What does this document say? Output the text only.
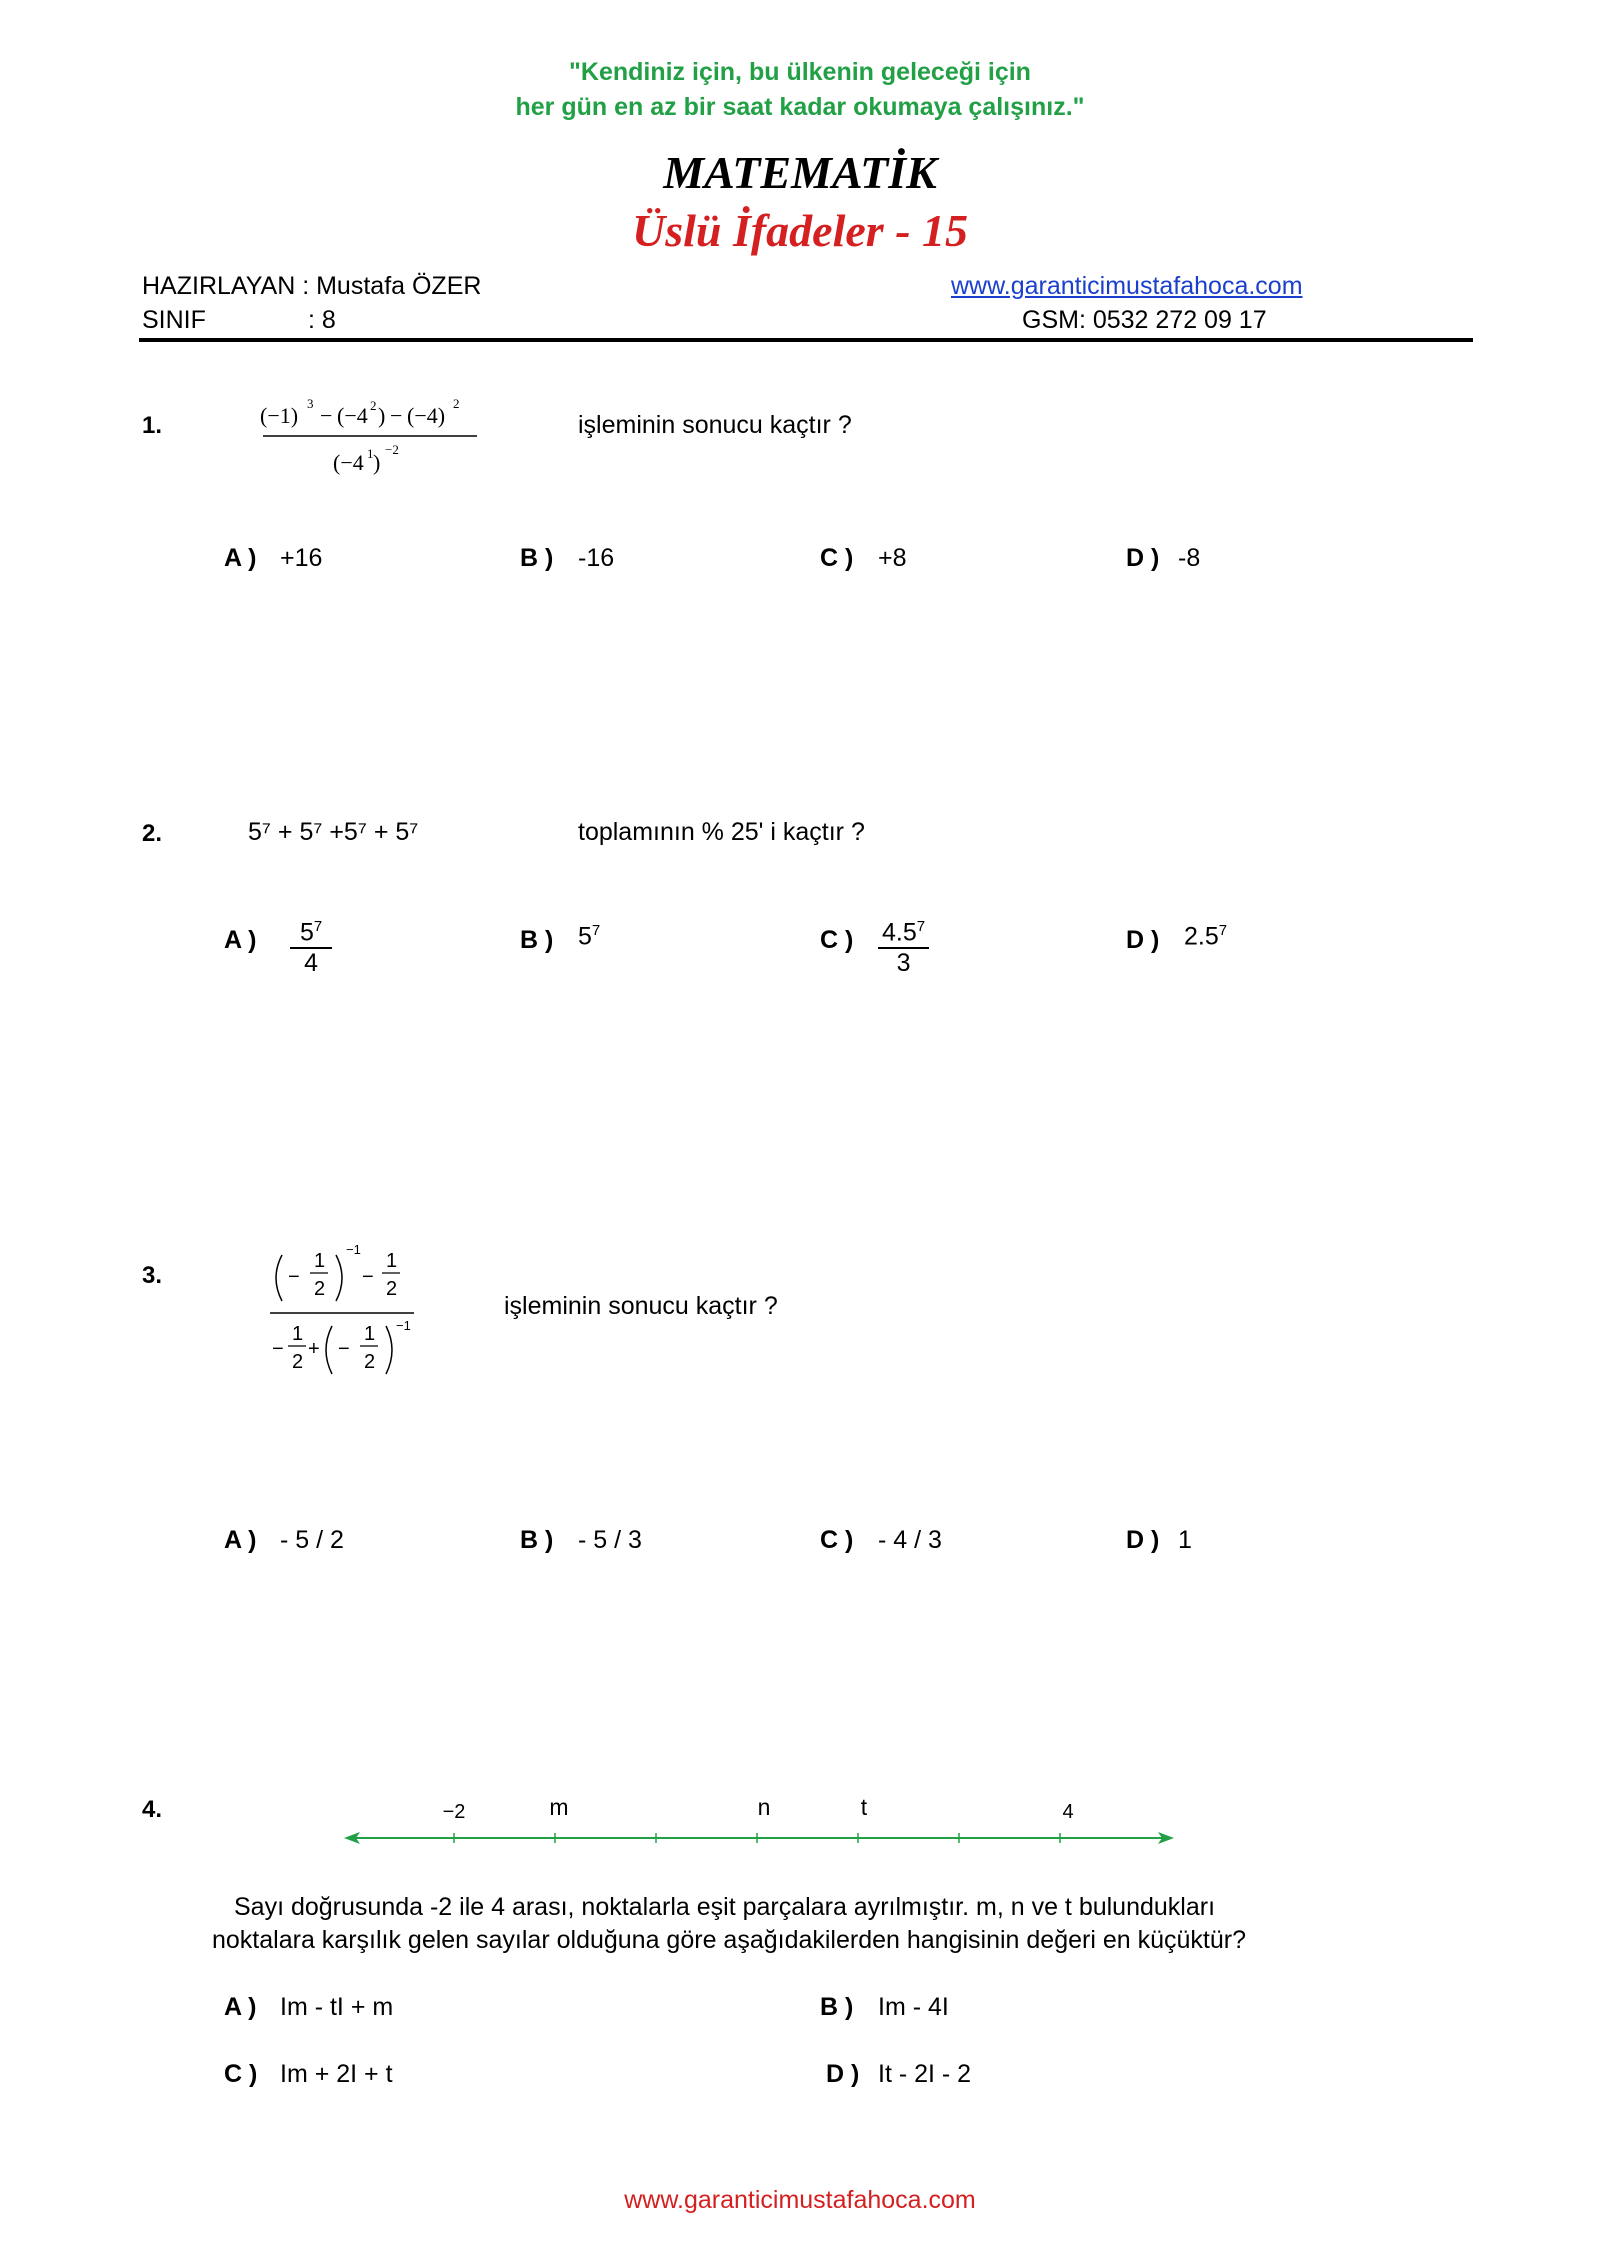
"Kendiniz için, bu ülkenin geleceği için
her gün en az bir saat kadar okumaya çalışınız."
MATEMATİK
Üslü İfadeler - 15
HAZIRLAYAN : Mustafa ÖZER
SINIF	: 8
www.garanticimustafahoca.com
GSM: 0532 272 09 17
1.	(−1) 3 − (−4 2 ) − (−4) 2
(−4 1 )
−2
işleminin sonucu kaçtır ?
A ) +16	B ) -16	C ) +8	D ) -8
2.	5⁷ + 5⁷ +5⁷ + 5⁷	toplamının % 25' i kaçtır ?
A ) $\frac{5^7}{4}$	B ) $5^7$	C ) $\frac{4.5^7}{3}$	D ) $2.5^7$
3.	−
1
2
−1
−
1
2
−
1
2
+ −
1
2
−1
işleminin sonucu kaçtır ?
A ) - 5 / 2	B ) - 5 / 3	C ) - 4 / 3	D ) 1
4.	−2	m	n	t	4
Sayı doğrusunda -2 ile 4 arası, noktalarla eşit parçalara ayrılmıştır. m, n ve t bulundukları
noktalara karşılık gelen sayılar olduğuna göre aşağıdakilerden hangisinin değeri en küçüktür?
A ) Im - tI + m	B ) Im - 4I
C ) Im + 2I + t	D ) It - 2I - 2
www.garanticimustafahoca.com
